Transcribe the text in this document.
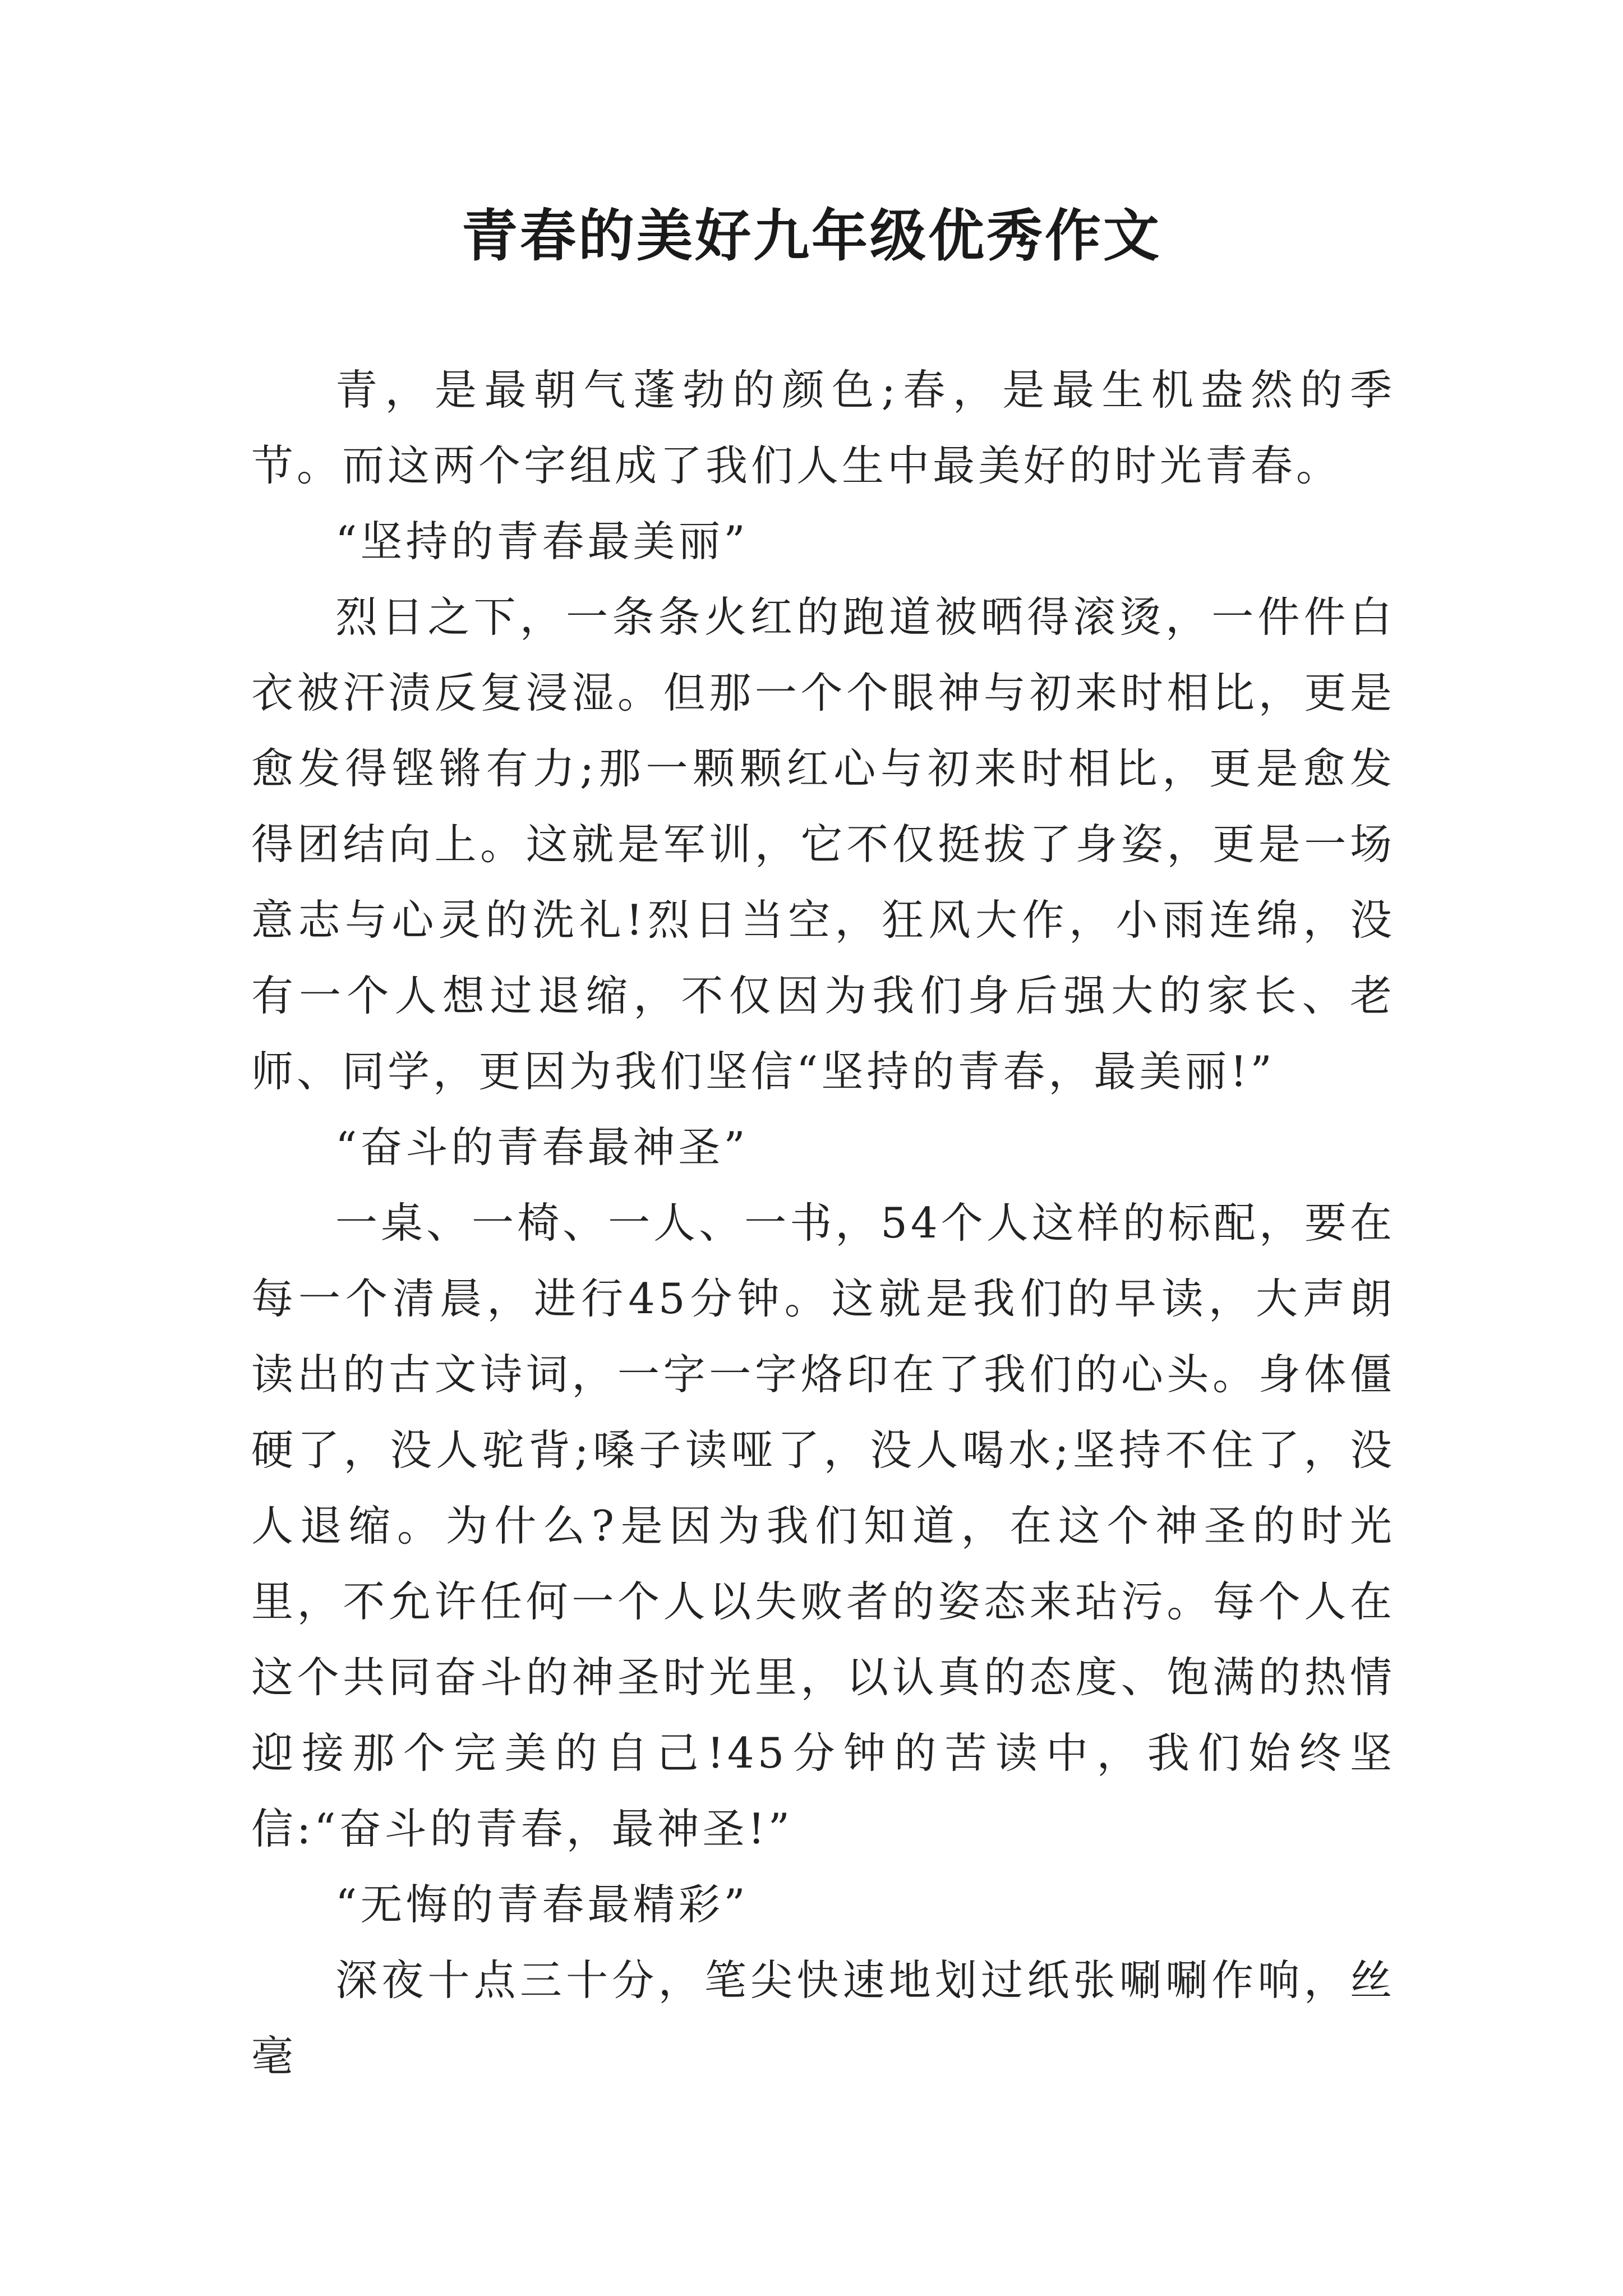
青春的美好九年级优秀作文

青，是最朝气蓬勃的颜色;春，是最生机盎然的季节。而这两个字组成了我们人生中最美好的时光青春。

“坚持的青春最美丽”

烈日之下，一条条火红的跑道被晒得滚烫，一件件白衣被汗渍反复浸湿。但那一个个眼神与初来时相比，更是愈发得铿锵有力;那一颗颗红心与初来时相比，更是愈发得团结向上。这就是军训，它不仅挺拔了身姿，更是一场意志与心灵的洗礼!烈日当空，狂风大作，小雨连绵，没有一个人想过退缩，不仅因为我们身后强大的家长、老师、同学，更因为我们坚信“坚持的青春，最美丽!”

“奋斗的青春最神圣”

一桌、一椅、一人、一书，54个人这样的标配，要在每一个清晨，进行45分钟。这就是我们的早读，大声朗读出的古文诗词，一字一字烙印在了我们的心头。身体僵硬了，没人驼背;嗓子读哑了，没人喝水;坚持不住了，没人退缩。为什么?是因为我们知道，在这个神圣的时光里，不允许任何一个人以失败者的姿态来玷污。每个人在这个共同奋斗的神圣时光里，以认真的态度、饱满的热情迎接那个完美的自己!45分钟的苦读中，我们始终坚信:“奋斗的青春，最神圣!”

“无悔的青春最精彩”

深夜十点三十分，笔尖快速地划过纸张唰唰作响，丝毫
